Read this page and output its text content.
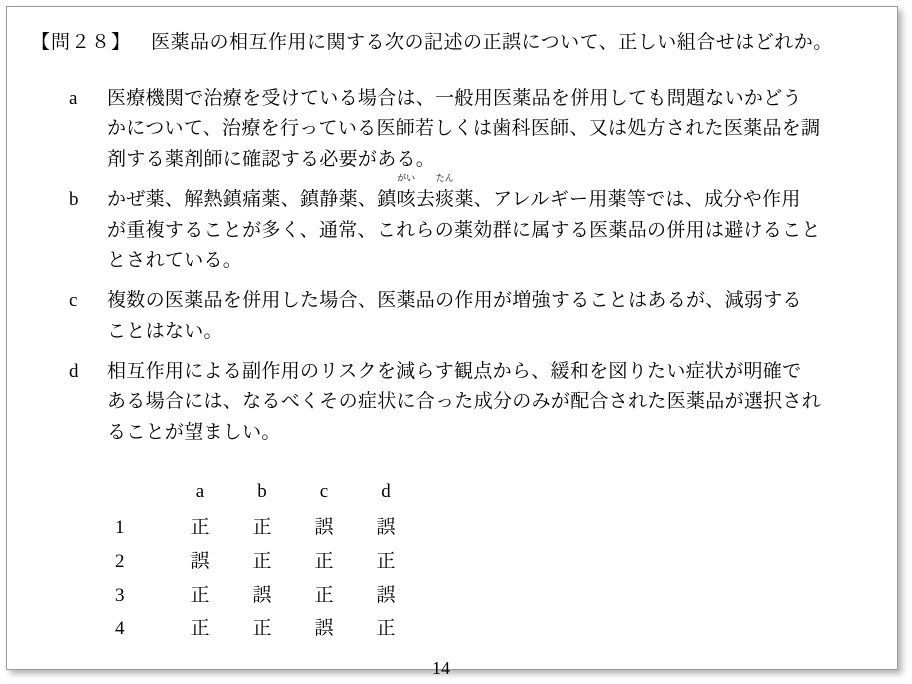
【問２８】 医薬品の相互作用に関する次の記述の正誤について、正しい組合せはどれか。
a	医療機関で治療を受けている場合は、一般用医薬品を併用しても問題ないかどう
かについて、治療を行っている医師若しくは歯科医師、又は処方された医薬品を調
剤する薬剤師に確認する必要がある。
b	かぜ薬、解熱鎮痛薬、鎮静薬、鎮
がい
咳 去
たん
痰 薬、アレルギー用薬等では、成分や作用
が重複することが多く、通常、これらの薬効群に属する医薬品の併用は避けること
とされている。
c	複数の医薬品を併用した場合、医薬品の作用が増強することはあるが、減弱する
ことはない。
d	相互作用による副作用のリスクを減らす観点から、緩和を図りたい症状が明確で
ある場合には、なるべくその症状に合った成分のみが配合された医薬品が選択され
ることが望ましい。
	a	b	c	d
1	正	正	誤	誤
2	誤	正	正	正
3	正	誤	正	誤
4	正	正	誤	正
14
